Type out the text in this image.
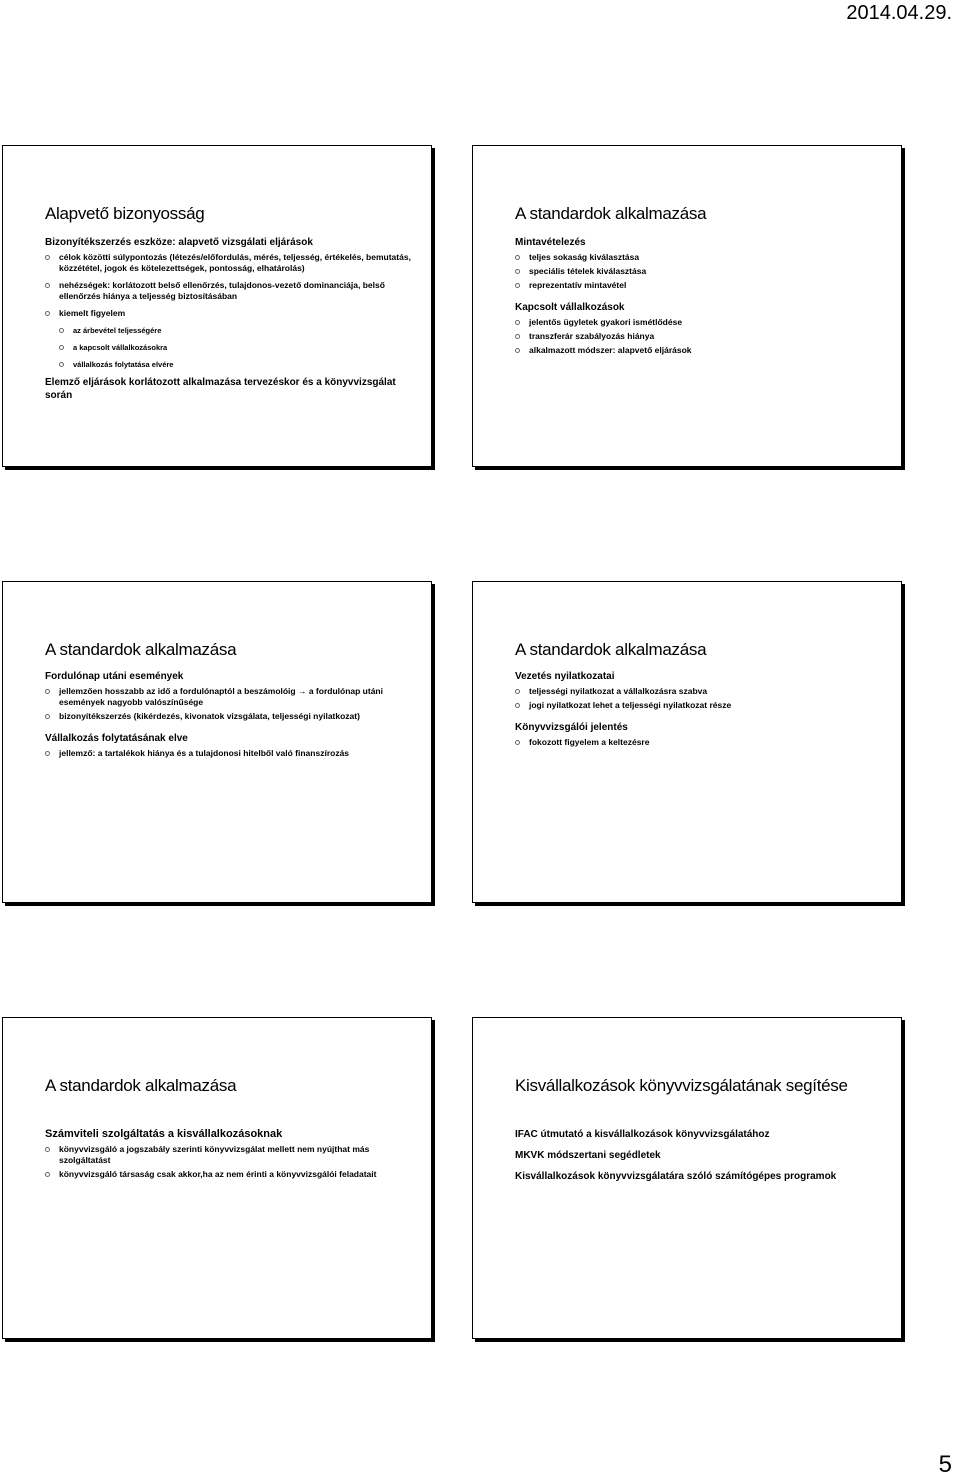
2014.04.29.
Alapvető bizonyosság

Bizonyítékszerzés eszköze: alapvető vizsgálati eljárások

célok közötti súlypontozás (létezés/előfordulás, mérés, teljesség, értékelés, bemutatás, közzététel, jogok és kötelezettségek, pontosság, elhatárolás)
nehézségek: korlátozott belső ellenőrzés, tulajdonos-vezető dominanciája, belső ellenőrzés hiánya a teljesség biztosításában
kiemelt figyelem
az árbevétel teljességére
a kapcsolt vállalkozásokra
vállalkozás folytatása elvére

Elemző eljárások korlátozott alkalmazása tervezéskor és a könyvvizsgálat során

A standardok alkalmazása

Mintavételezés

teljes sokaság kiválasztása
speciális tételek kiválasztása
reprezentatív mintavétel

Kapcsolt vállalkozások

jelentős ügyletek gyakori ismétlődése
transzferár szabályozás hiánya
alkalmazott módszer: alapvető eljárások
A standardok alkalmazása

Fordulónap utáni események

jellemzően hosszabb az idő a fordulónaptól a beszámolóig → a fordulónap utáni események nagyobb valószínűsége
bizonyítékszerzés (kikérdezés, kivonatok vizsgálata, teljességi nyilatkozat)

Vállalkozás folytatásának elve

jellemző: a tartalékok hiánya és a tulajdonosi hitelből való finanszírozás
A standardok alkalmazása

Vezetés nyilatkozatai

teljességi nyilatkozat a vállalkozásra szabva
jogi nyilatkozat lehet a teljességi nyilatkozat része

Könyvvizsgálói jelentés

fokozott figyelem a keltezésre
A standardok alkalmazása

Számviteli szolgáltatás a kisvállalkozásoknak

könyvvizsgáló a jogszabály szerinti könyvvizsgálat mellett nem nyújthat más szolgáltatást
könyvvizsgáló társaság csak akkor,ha az nem érinti a könyvvizsgálói feladatait
Kisvállalkozások könyvvizsgálatának segítése

IFAC útmutató a kisvállalkozások könyvvizsgálatához

MKVK módszertani segédletek

Kisvállalkozások könyvvizsgálatára szóló számítógépes programok

5
